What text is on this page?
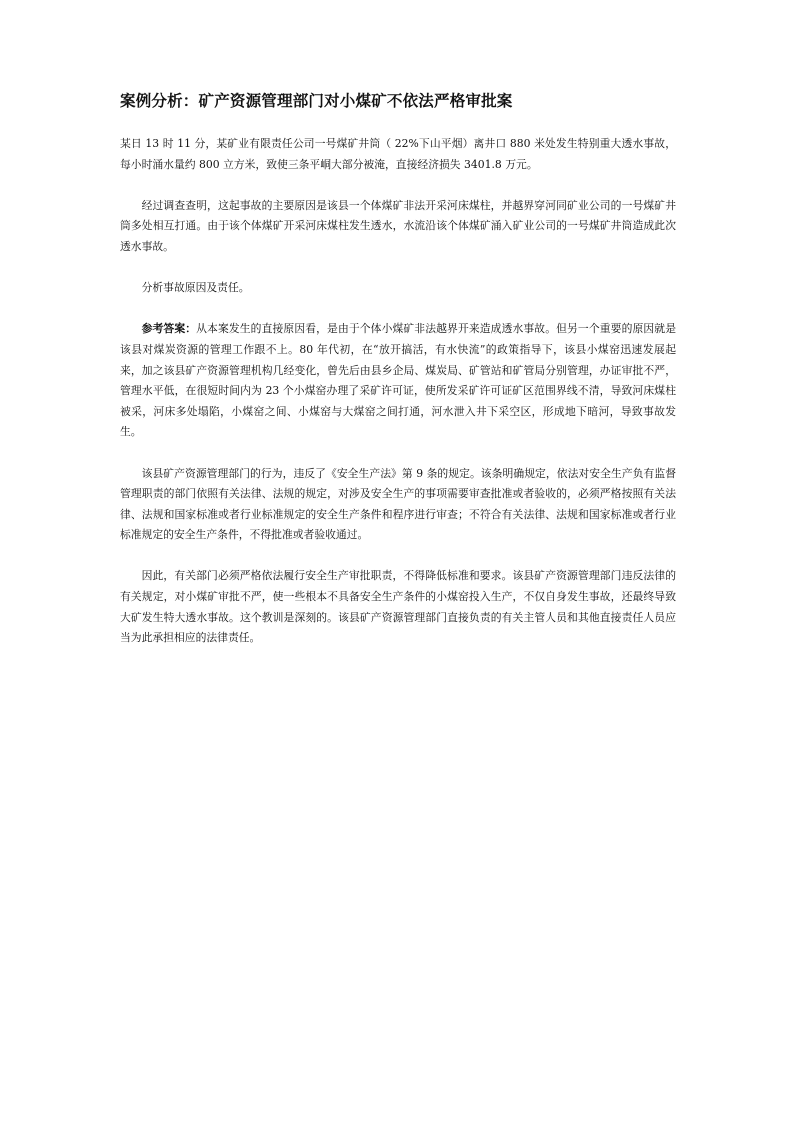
案例分析：矿产资源管理部门对小煤矿不依法严格审批案

某日 13 时 11 分，某矿业有限责任公司一号煤矿井筒（ 22%下山平烟）离井口 880 米处发生特别重大透水事故，每小时涌水量约 800 立方米，致使三条平峒大部分被淹，直接经济损失 3401.8 万元。

经过调查查明，这起事故的主要原因是该县一个体煤矿非法开采河床煤柱，并越界穿河同矿业公司的一号煤矿井筒多处相互打通。由于该个体煤矿开采河床煤柱发生透水，水流沿该个体煤矿涌入矿业公司的一号煤矿井筒造成此次透水事故。

分析事故原因及责任。

参考答案：从本案发生的直接原因看，是由于个体小煤矿非法越界开来造成透水事故。但另一个重要的原因就是该县对煤炭资源的管理工作跟不上。80 年代初，在“放开搞活，有水快流”的政策指导下，该县小煤窑迅速发展起来，加之该县矿产资源管理机构几经变化，曾先后由县乡企局、煤炭局、矿管站和矿管局分别管理，办证审批不严，管理水平低，在很短时间内为 23 个小煤窑办理了采矿许可证，使所发采矿许可证矿区范围界线不清，导致河床煤柱被采，河床多处塌陷，小煤窑之间、小煤窑与大煤窑之间打通，河水泄入井下采空区，形成地下暗河，导致事故发生。

该县矿产资源管理部门的行为，违反了《安全生产法》第 9 条的规定。该条明确规定，依法对安全生产负有监督管理职责的部门依照有关法律、法规的规定，对涉及安全生产的事项需要审查批准或者验收的，必须严格按照有关法律、法规和国家标准或者行业标准规定的安全生产条件和程序进行审查；不符合有关法律、法规和国家标准或者行业标准规定的安全生产条件，不得批准或者验收通过。

因此，有关部门必须严格依法履行安全生产审批职责，不得降低标准和要求。该县矿产资源管理部门违反法律的有关规定，对小煤矿审批不严，使一些根本不具备安全生产条件的小煤窑投入生产，不仅自身发生事故，还最终导致大矿发生特大透水事故。这个教训是深刻的。该县矿产资源管理部门直接负责的有关主管人员和其他直接责任人员应当为此承担相应的法律责任。
